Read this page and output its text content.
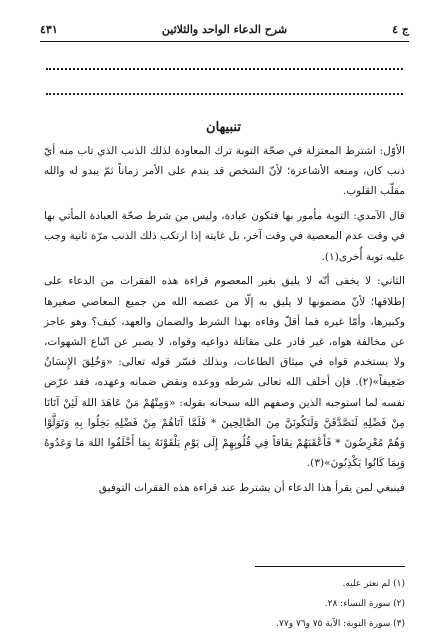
ج ٤
شرح الدعاء الواحد والثلاثين
٤٣١
تنبيهان

الأوّل: اشترط المعتزلة في صحّة التوبة ترك المعاودة لذلك الذنب الذي تاب منه أيّ ذنب كان، ومنعه الأشاعرة؛ لأنّ الشخص قد يندم على الأمر زماناً ثمّ يبدو له والله مقلّب القلوب.

قال الآمدي: التوبة مأمور بها فتكون عبادة، وليس من شرط صحّة العبادة المأتي بها في وقت عدم المعصية في وقت آخر، بل غايته إذا ارتكب ذلك الذنب مرّة ثانية وجب عليه توبة أُخرى(١).

الثاني: لا يخفى أنّه لا يليق بغير المعصوم قراءة هذه الفقرات من الدعاء على إطلاقها؛ لأنّ مضمونها لا يليق به إلّا من عصمه الله من جميع المعاصي صغيرها وكبيرها، وأمّا غيره فما أقلّ وفاءه بهذا الشرط والضمان والعهد، كيف؟ وهو عاجز عن مخالفة هواه، غير قادر على مقاتلة دواعيه وقواه، لا يصبر عن اتّباع الشهوات، ولا يستخدم قواه في ميثاق الطاعات، وبذلك فسّر قوله تعالى: «وَخُلِقَ الإِنسَانُ ضَعِيفاً»(٢). فإن أخلف الله تعالى شرطه ووعده ونقض ضمانه وعهده، فقد عرّض نفسه لما استوجبه الذين وصفهم الله سبحانه بقوله: «وَمِنْهُمْ مَنْ عَاهَدَ اللهَ لَئِنْ آتَانَا مِنْ فَضْلِهِ لَنَصَّدَّقَنَّ وَلَنَكُونَنَّ مِنَ الصَّالِحِينَ * فَلَمَّا آتَاهُمْ مِنْ فَضْلِهِ بَخِلُوا بِهِ وَتَوَلَّوْا وَهُمْ مُعْرِضُونَ * فَأَعْقَبَهُمْ نِفَاقاً فِي قُلُوبِهِمْ إِلَى يَوْمِ يَلْقَوْنَهُ بِمَا أَخْلَفُوا اللهَ مَا وَعَدُوهُ وَبِمَا كَانُوا يَكْذِبُونَ»(٣).

فينبغي لمن يقرأ هذا الدعاء أن يشترط عند قراءة هذه الفقرات التوفيق

(١) لم نعثر عليه.
(٢) سورة النساء: ٢٨.
(٣) سورة التوبة: الآية ٧٥ و٧٦ و٧٧.
